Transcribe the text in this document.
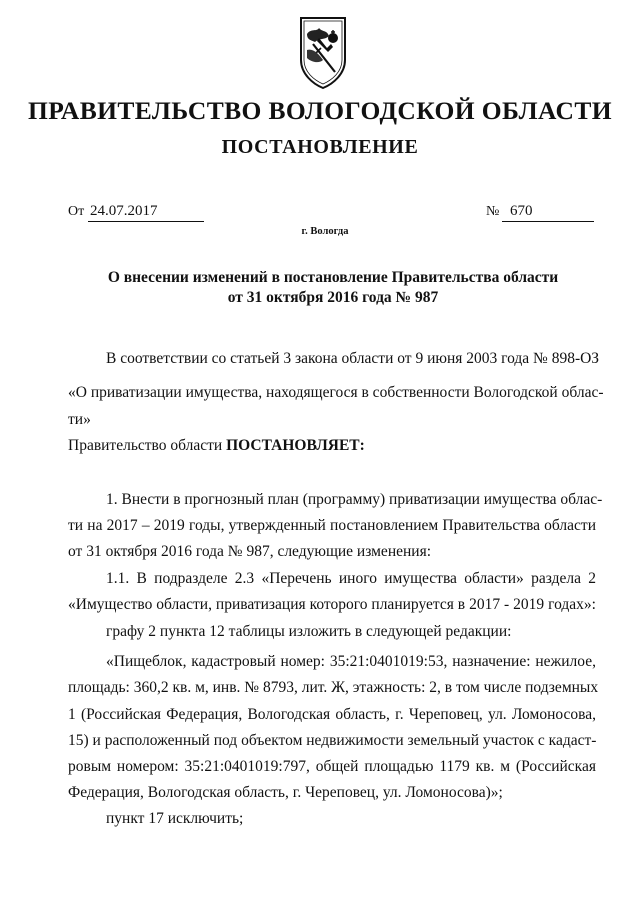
ПРАВИТЕЛЬСТВО ВОЛОГОДСКОЙ ОБЛАСТИ
ПОСТАНОВЛЕНИЕ
От 24.07.2017	№ 670
г. Вологда
О внесении изменений в постановление Правительства области
от 31 октября 2016 года № 987
В соответствии со статьей 3 закона области от 9 июня 2003 года № 898-ОЗ
«О приватизации имущества, находящегося в собственности Вологодской облас-
ти»
Правительство области ПОСТАНОВЛЯЕТ:
1. Внести в прогнозный план (программу) приватизации имущества облас-
ти на 2017 – 2019 годы, утвержденный постановлением Правительства области
от 31 октября 2016 года № 987, следующие изменения:
1.1. В подразделе 2.3 «Перечень иного имущества области» раздела 2
«Имущество области, приватизация которого планируется в 2017 - 2019 годах»:
графу 2 пункта 12 таблицы изложить в следующей редакции:
«Пищеблок, кадастровый номер: 35:21:0401019:53, назначение: нежилое,
площадь: 360,2 кв. м, инв. № 8793, лит. Ж, этажность: 2, в том числе подземных
1 (Российская Федерация, Вологодская область, г. Череповец, ул. Ломоносова,
15) и расположенный под объектом недвижимости земельный участок с кадаст-
ровым номером: 35:21:0401019:797, общей площадью 1179 кв. м (Российская
Федерация, Вологодская область, г. Череповец, ул. Ломоносова)»;
пункт 17 исключить;
